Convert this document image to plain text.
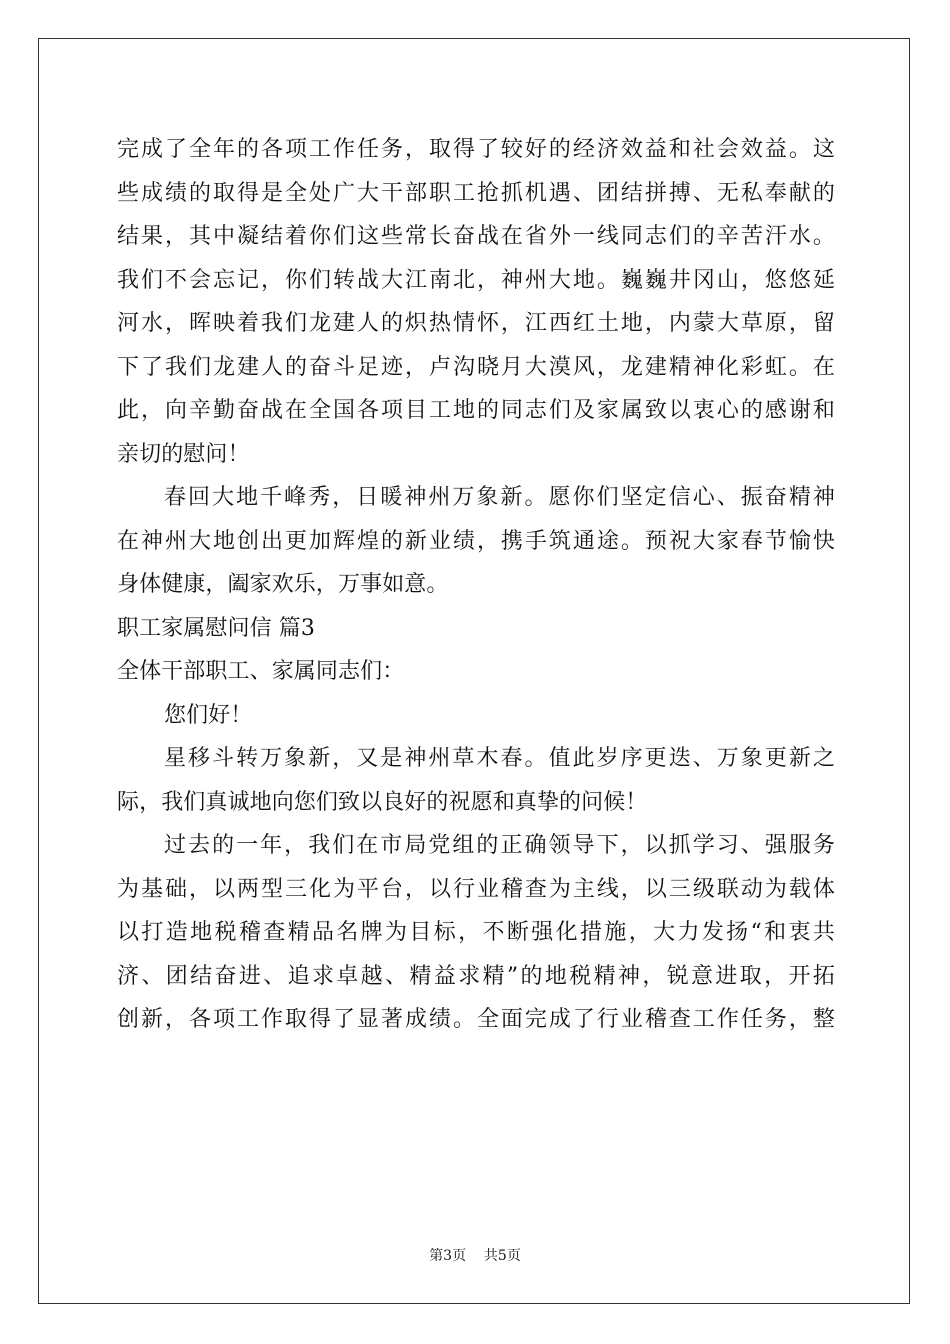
完成了全年的各项工作任务，取得了较好的经济效益和社会效益。这
些成绩的取得是全处广大干部职工抢抓机遇、团结拼搏、无私奉献的
结果，其中凝结着你们这些常长奋战在省外一线同志们的辛苦汗水。
我们不会忘记，你们转战大江南北，神州大地。巍巍井冈山，悠悠延
河水，晖映着我们龙建人的炽热情怀，江西红土地，内蒙大草原，留
下了我们龙建人的奋斗足迹，卢沟晓月大漠风，龙建精神化彩虹。在
此，向辛勤奋战在全国各项目工地的同志们及家属致以衷心的感谢和
亲切的慰问！
春回大地千峰秀，日暖神州万象新。愿你们坚定信心、振奋精神
在神州大地创出更加辉煌的新业绩，携手筑通途。预祝大家春节愉快
身体健康，阖家欢乐，万事如意。
职工家属慰问信 篇3
全体干部职工、家属同志们：
您们好！
星移斗转万象新，又是神州草木春。值此岁序更迭、万象更新之
际，我们真诚地向您们致以良好的祝愿和真挚的问候！
过去的一年，我们在市局党组的正确领导下，以抓学习、强服务
为基础，以两型三化为平台，以行业稽查为主线，以三级联动为载体
以打造地税稽查精品名牌为目标，不断强化措施，大力发扬“和衷共
济、团结奋进、追求卓越、精益求精”的地税精神，锐意进取，开拓
创新，各项工作取得了显著成绩。全面完成了行业稽查工作任务，整
第3页 共5页
